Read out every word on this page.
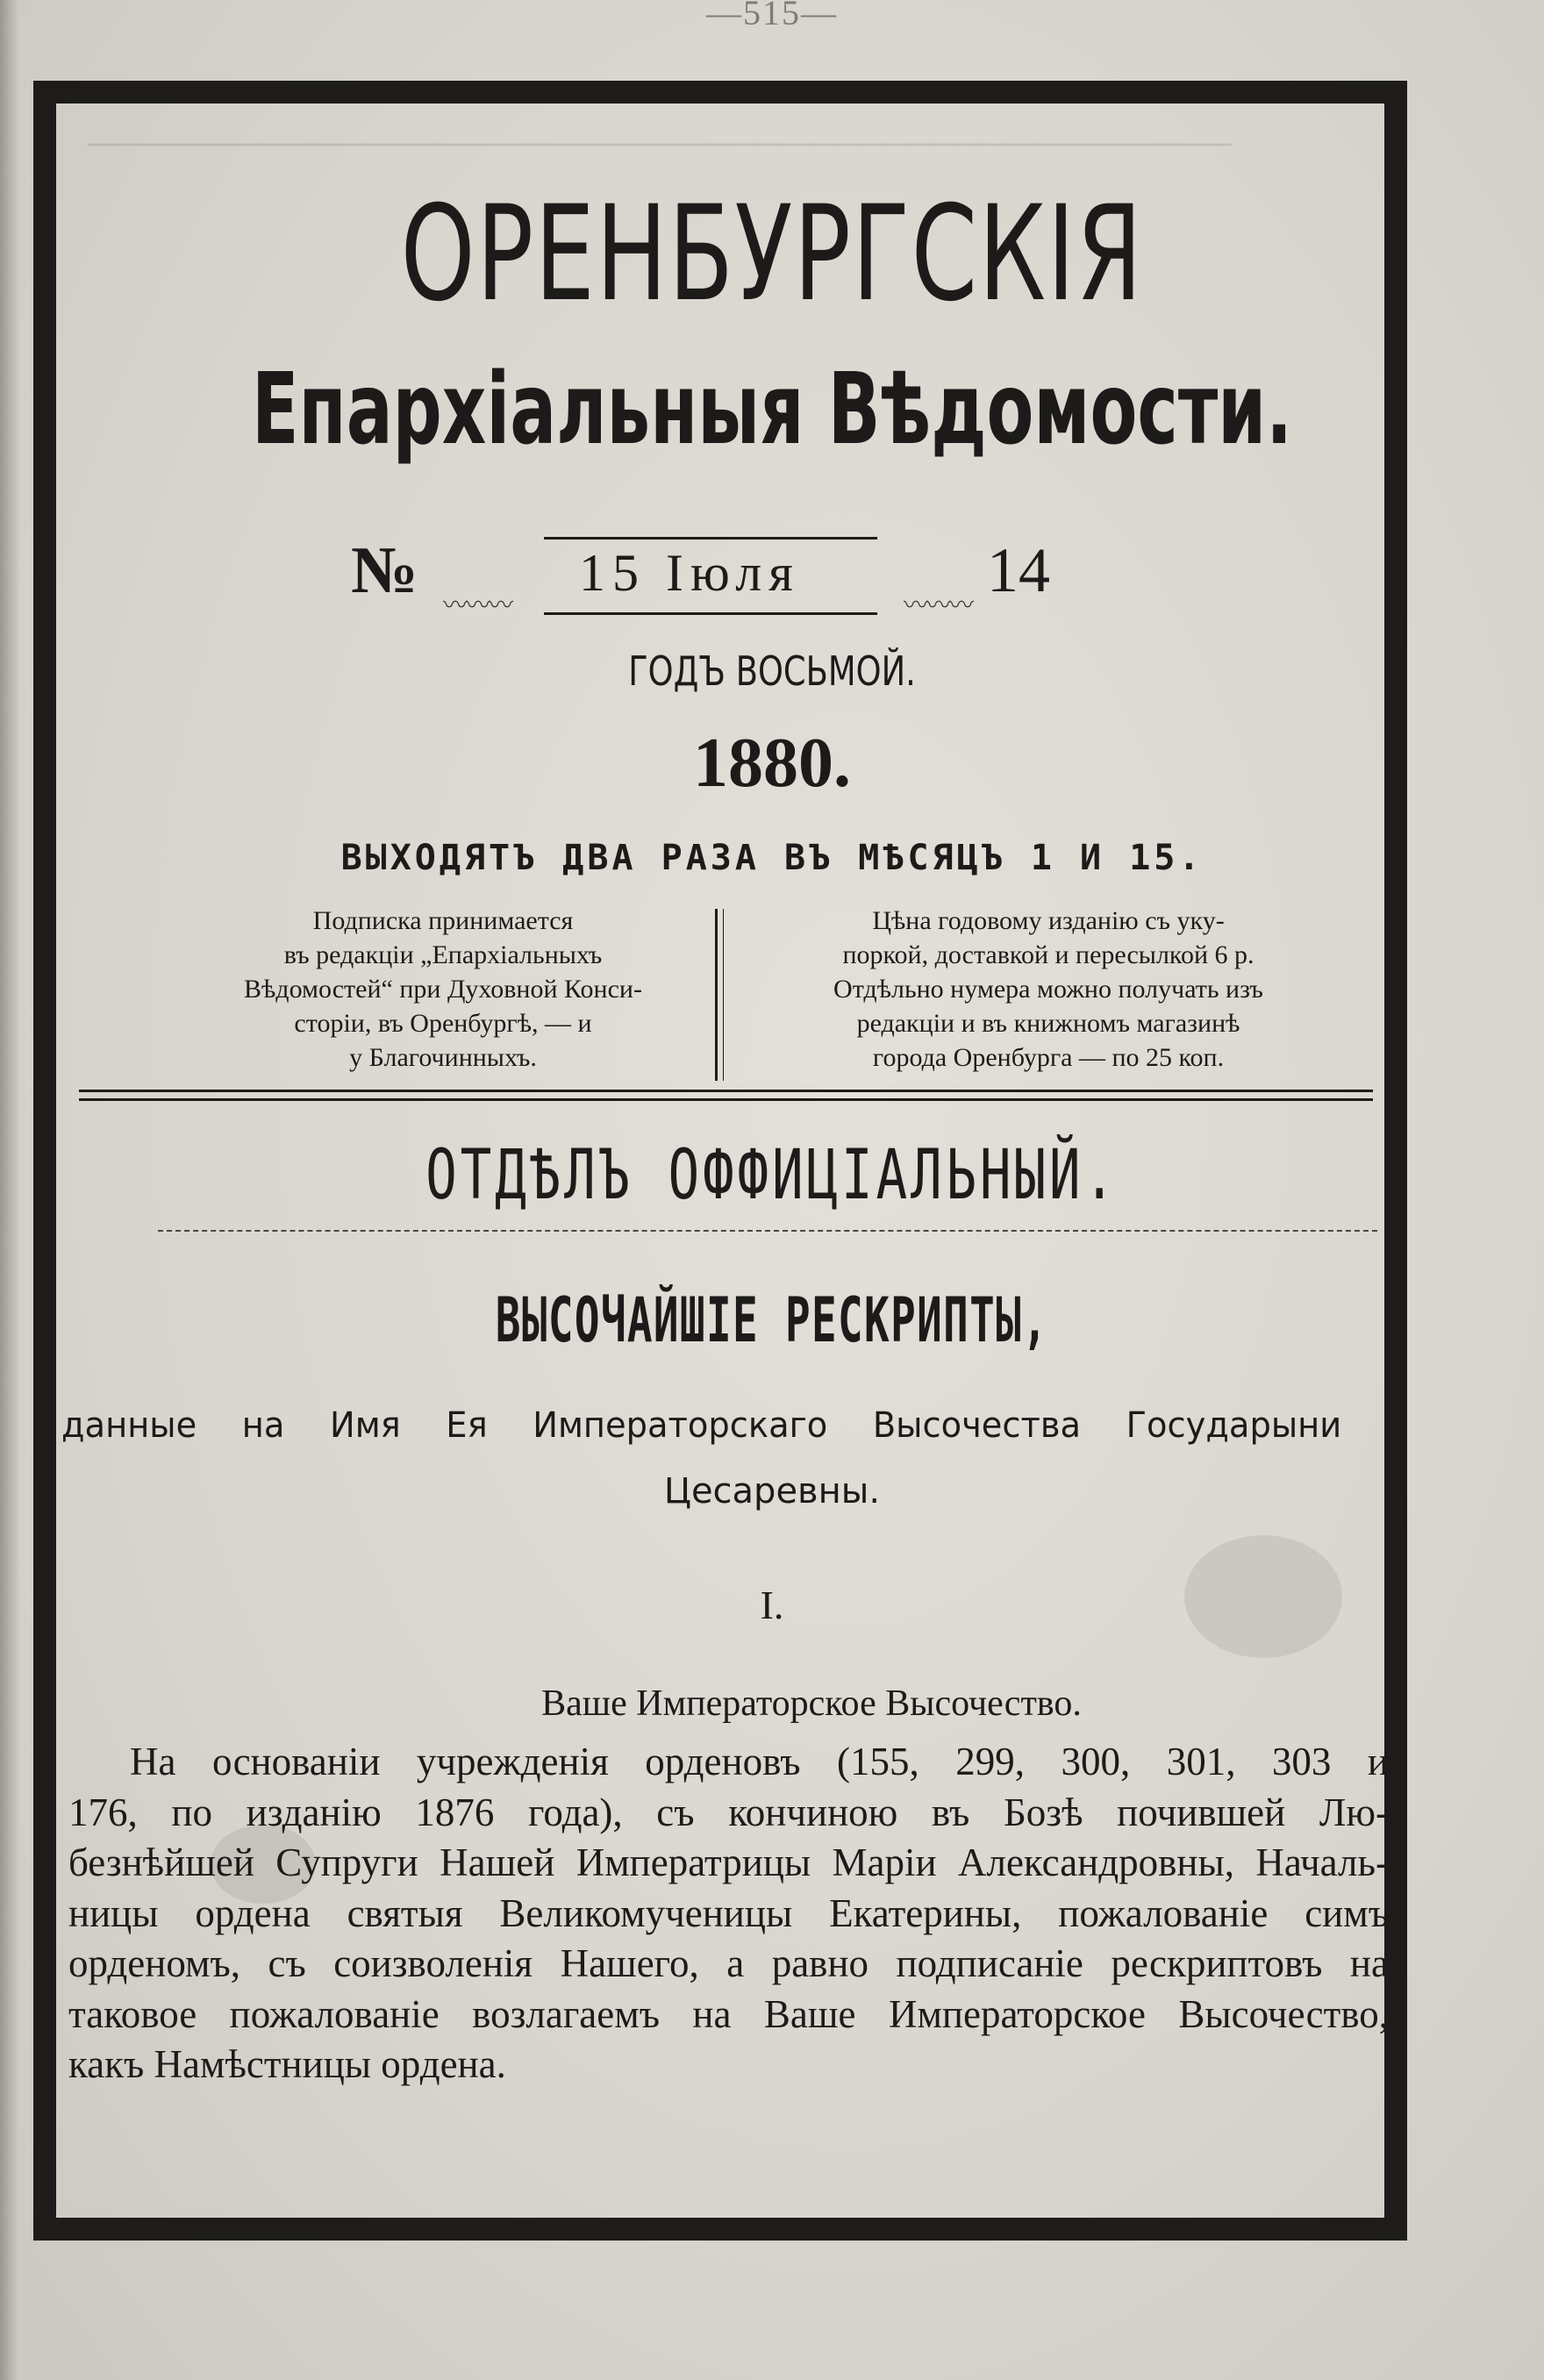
──────────────────────────────────────────────
—515—
ОРЕНБУРГСКІЯ
Епархіальныя Вѣдомости.
№	15 Іюля	14
〰〰〰	〰〰〰
ГОДЪ ВОСЬМОЙ.
1880.
ВЫХОДЯТЪ ДВА РАЗА ВЪ МѢСЯЦЪ 1 И 15.
Подписка принимается
въ редакціи „Епархіальныхъ
Вѣдомостей“ при Духовной Конси-
сторіи, въ Оренбургѣ, — и
у Благочинныхъ.
Цѣна годовому изданію съ уку-
поркой, доставкой и пересылкой 6 р.
Отдѣльно нумера можно получать изъ
редакціи и въ книжномъ магазинѣ
города Оренбурга — по 25 коп.
ОТДѢЛЪ ОФФИЦІАЛЬНЫЙ.
ВЫСОЧАЙШІЕ РЕСКРИПТЫ,
данные на Имя Ея Императорскаго Высочества Государыни
Цесаревны.
I.
Ваше Императорское Высочество.
На основаніи учрежденія орденовъ (155, 299, 300, 301, 303 и
176, по изданію 1876 года), съ кончиною въ Бозѣ почившей Лю-
безнѣйшей Супруги Нашей Императрицы Маріи Александровны, Началь-
ницы ордена святыя Великомученицы Екатерины, пожалованіе симъ
орденомъ, съ соизволенія Нашего, а равно подписаніе рескриптовъ на
таковое пожалованіе возлагаемъ на Ваше Императорское Высочество,
какъ Намѣстницы ордена.
